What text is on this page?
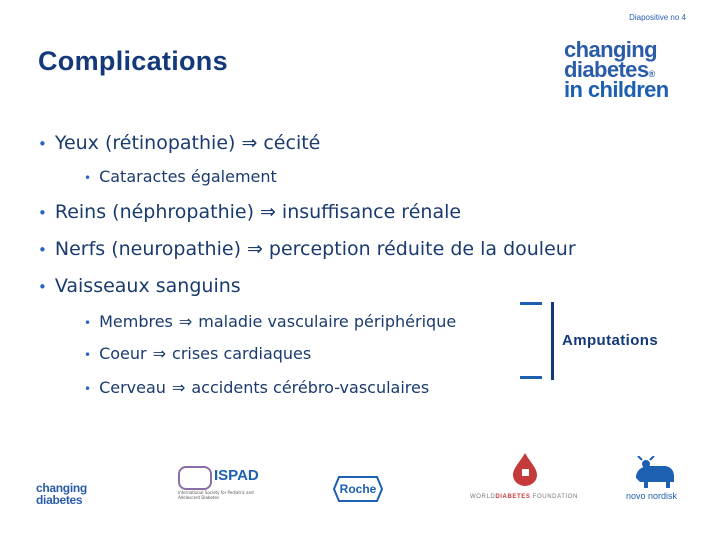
Diapositive no 4
Complications	changing
diabetes®
in children
• Yeux (rétinopathie) ⇒ cécité
• Cataractes également
• Reins (néphropathie) ⇒ insuffisance rénale
• Nerfs (neuropathie) ⇒ perception réduite de la douleur
• Vaisseaux sanguins
• Membres ⇒ maladie vasculaire périphérique
• Coeur ⇒ crises cardiaques
• Cerveau ⇒ accidents cérébro-vasculaires
Amputations
changing
diabetes
ISPAD
International Society for Pediatric and Adolescent Diabetes
Roche
WORLDDIABETES FOUNDATION	novo nordisk
